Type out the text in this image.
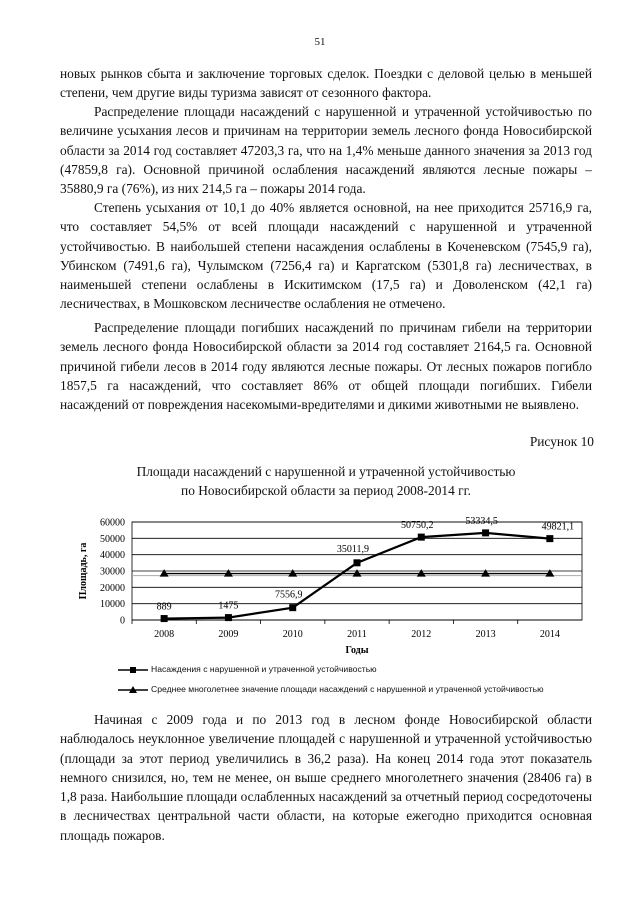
51

новых рынков сбыта и заключение торговых сделок. Поездки с деловой целью в меньшей степени, чем другие виды туризма зависят от сезонного фактора.

Распределение площади насаждений с нарушенной и утраченной устойчивостью по величине усыхания лесов и причинам на территории земель лесного фонда Новосибирской области за 2014 год составляет 47203,3 га, что на 1,4% меньше данного значения за 2013 год (47859,8 га). Основной причиной ослабления насаждений являются лесные пожары – 35880,9 га (76%), из них 214,5 га – пожары 2014 года.

Степень усыхания от 10,1 до 40% является основной, на нее приходится 25716,9 га, что составляет 54,5% от всей площади насаждений с нарушенной и утраченной устойчивостью. В наибольшей степени насаждения ослаблены в Коченевском (7545,9 га), Убинском (7491,6 га), Чулымском (7256,4 га) и Каргатском (5301,8 га) лесничествах, в наименьшей степени ослаблены в Искитимском (17,5 га) и Доволенском (42,1 га) лесничествах, в Мошковском лесничестве ослабления не отмечено.

Распределение площади погибших насаждений по причинам гибели на территории земель лесного фонда Новосибирской области за 2014 год составляет 2164,5 га. Основной причиной гибели лесов в 2014 году являются лесные пожары. От лесных пожаров погибло 1857,5 га насаждений, что составляет 86% от общей площади погибших. Гибели насаждений от повреждения насекомыми-вредителями и дикими животными не выявлено.

Рисунок 10
Площади насаждений с нарушенной и утраченной устойчивостью
по Новосибирской области за период 2008-2014 гг.
0
10000
20000
30000
40000
50000
60000
2008	2009	2010	2011	2012	2013	2014
Годы
Площадь, га
889	1475
7556,9
35011,9
50750,2	53334,5
49821,1
Насаждения с нарушенной и утраченной устойчивостью
Среднее многолетнее значение площади насаждений с нарушенной и утраченной устойчивостью

Начиная с 2009 года и по 2013 год в лесном фонде Новосибирской области наблюдалось неуклонное увеличение площадей с нарушенной и утраченной устойчивостью (площади за этот период увеличились в 36,2 раза). На конец 2014 года этот показатель немного снизился, но, тем не менее, он выше среднего многолетнего значения (28406 га) в 1,8 раза. Наибольшие площади ослабленных насаждений за отчетный период сосредоточены в лесничествах центральной части области, на которые ежегодно приходится основная площадь пожаров.
